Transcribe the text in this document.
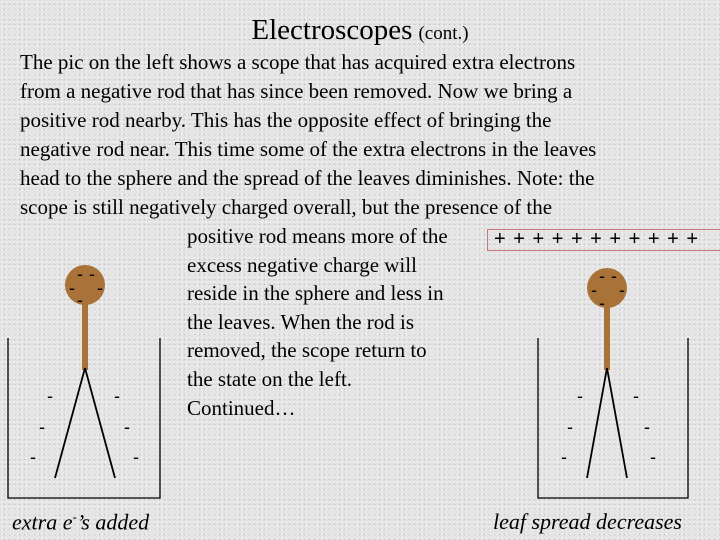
Electroscopes (cont.)
The pic on the left shows a scope that has acquired extra electrons
from a negative rod that has since been removed. Now we bring a
positive rod nearby. This has the opposite effect of bringing the
negative rod near. This time some of the extra electrons in the leaves
head to the sphere and the spread of the leaves diminishes. Note: the
scope is still negatively charged overall, but the presence of the
positive rod means more of the
excess negative charge will
reside in the sphere and less in
the leaves. When the rod is
removed, the scope return to
the state on the left.
Continued…
+ + + + + + + + + + +
- -
- -
-
-	-
-	-
-	-
- -
- -
-
-	-
-	-
-	-
extra e-’s added	leaf spread decreases
